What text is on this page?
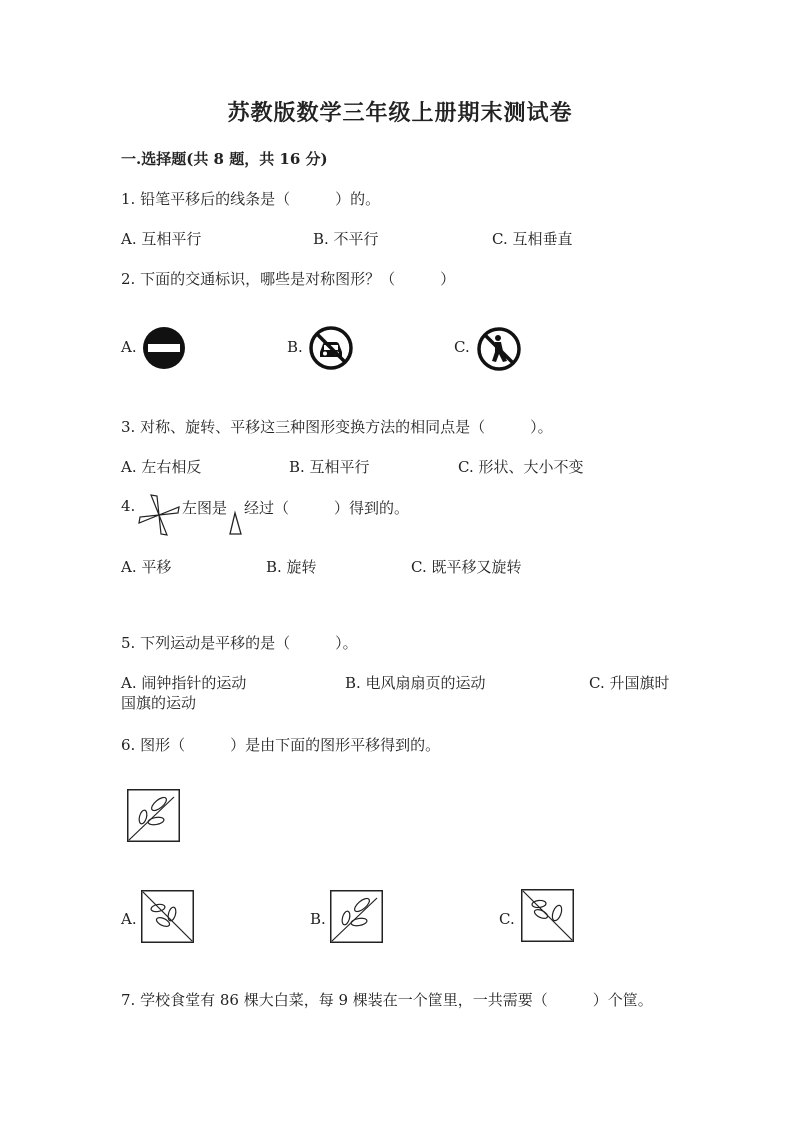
苏教版数学三年级上册期末测试卷
一.选择题(共 8 题，共 16 分)
1. 铅笔平移后的线条是（　　　）的。
A. 互相平行	B. 不平行	C. 互相垂直
2. 下面的交通标识，哪些是对称图形？（　　　）
A.	B.	C.
3. 对称、旋转、平移这三种图形变换方法的相同点是（　　　）。
A. 左右相反	B. 互相平行	C. 形状、大小不变
4.	左图是 经过（　　　）得到的。
A. 平移	B. 旋转	C. 既平移又旋转
5. 下列运动是平移的是（　　　）。
A. 闹钟指针的运动	B. 电风扇扇页的运动	C. 升国旗时
国旗的运动
6. 图形（　　　）是由下面的图形平移得到的。
A.	B.	C.
7. 学校食堂有 86 棵大白菜，每 9 棵装在一个筐里，一共需要（　　　）个筐。
